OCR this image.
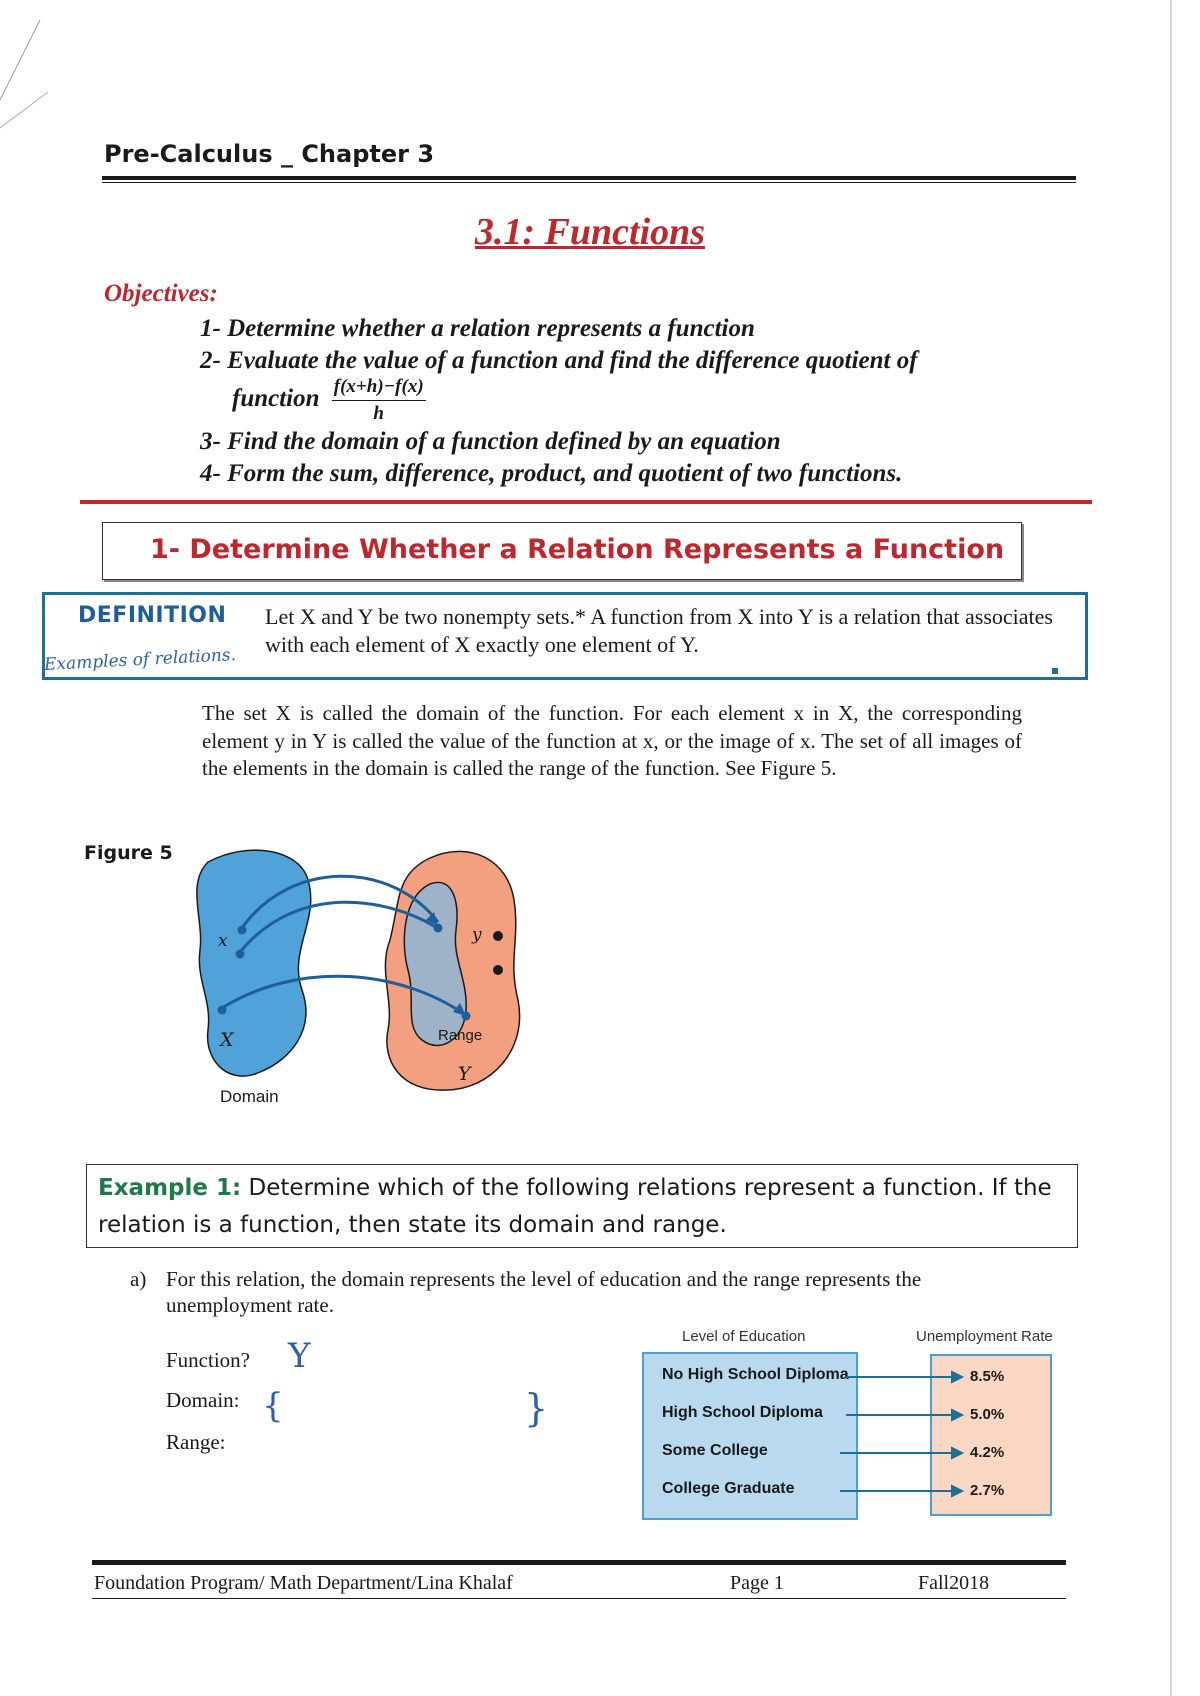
Pre-Calculus _ Chapter 3
3.1: Functions
Objectives:
1- Determine whether a relation represents a function
2- Evaluate the value of a function and find the difference quotient of
function $\frac{f(x+h)-f(x)}{h}$
3- Find the domain of a function defined by an equation
4- Form the sum, difference, product, and quotient of two functions.
1- Determine Whether a Relation Represents a Function
DEFINITION Let X and Y be two nonempty sets.* A function from X into Y is a relation that associates with each element of X exactly one element of Y.
Examples of relations.
The set X is called the domain of the function. For each element x in X, the corresponding element y in Y is called the value of the function at x, or the image of x. The set of all images of the elements in the domain is called the range of the function. See Figure 5.
Figure 5
x	y
X
Y
Range
Domain
Example 1: Determine which of the following relations represent a function. If the relation is a function, then state its domain and range.
a) For this relation, the domain represents the level of education and the range represents the unemployment rate.
Function?
Domain:
Range:
Y
{	}
Level of Education	Unemployment Rate
No High School Diploma
High School Diploma
Some College
College Graduate
8.5%
5.0%
4.2%
2.7%
Foundation Program/ Math Department/Lina Khalaf	Page 1	Fall2018
